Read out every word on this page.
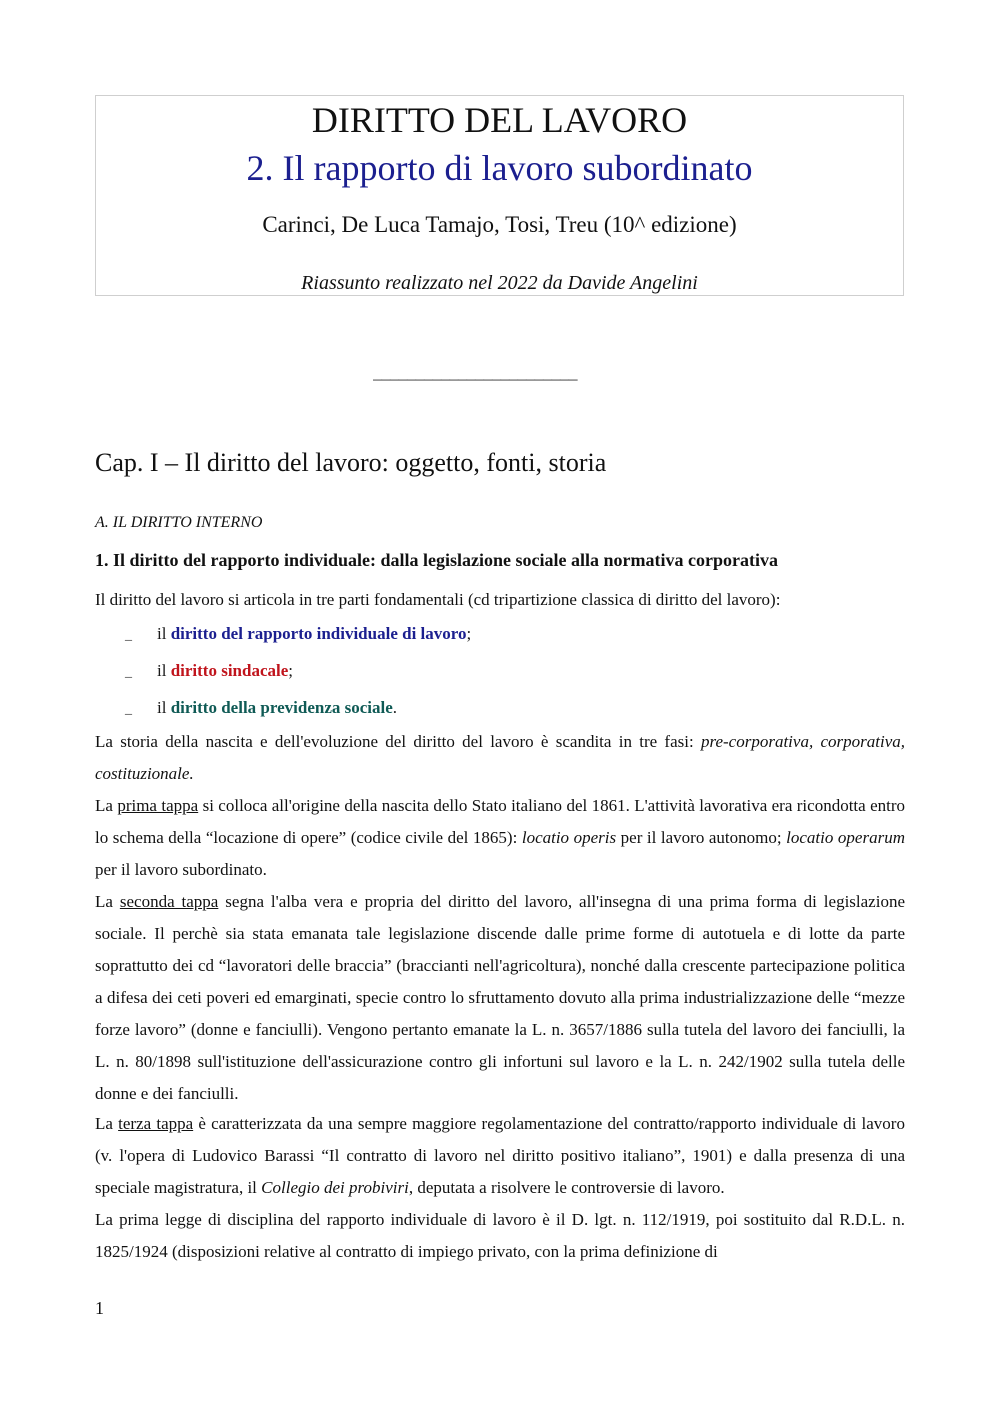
DIRITTO DEL LAVORO
2. Il rapporto di lavoro subordinato
Carinci, De Luca Tamajo, Tosi, Treu (10^ edizione)
Riassunto realizzato nel 2022 da Davide Angelini
________________________
Cap. I – Il diritto del lavoro: oggetto, fonti, storia
A. IL DIRITTO INTERNO
1. Il diritto del rapporto individuale: dalla legislazione sociale alla normativa corporativa
Il diritto del lavoro si articola in tre parti fondamentali (cd tripartizione classica di diritto del lavoro):
_ il diritto del rapporto individuale di lavoro;
_ il diritto sindacale;
_ il diritto della previdenza sociale.
La storia della nascita e dell'evoluzione del diritto del lavoro è scandita in tre fasi: pre-corporativa, corporativa, costituzionale.
La prima tappa si colloca all'origine della nascita dello Stato italiano del 1861. L'attività lavorativa era ricondotta entro lo schema della “locazione di opere” (codice civile del 1865): locatio operis per il lavoro autonomo; locatio operarum per il lavoro subordinato.
La seconda tappa segna l'alba vera e propria del diritto del lavoro, all'insegna di una prima forma di legislazione sociale. Il perchè sia stata emanata tale legislazione discende dalle prime forme di autotuela e di lotte da parte soprattutto dei cd “lavoratori delle braccia” (braccianti nell'agricoltura), nonché dalla crescente partecipazione politica a difesa dei ceti poveri ed emarginati, specie contro lo sfruttamento dovuto alla prima industrializzazione delle “mezze forze lavoro” (donne e fanciulli). Vengono pertanto emanate la L. n. 3657/1886 sulla tutela del lavoro dei fanciulli, la L. n. 80/1898 sull'istituzione dell'assicurazione contro gli infortuni sul lavoro e la L. n. 242/1902 sulla tutela delle donne e dei fanciulli.
La terza tappa è caratterizzata da una sempre maggiore regolamentazione del contratto/rapporto individuale di lavoro (v. l'opera di Ludovico Barassi “Il contratto di lavoro nel diritto positivo italiano”, 1901) e dalla presenza di una speciale magistratura, il Collegio dei probiviri, deputata a risolvere le controversie di lavoro.
La prima legge di disciplina del rapporto individuale di lavoro è il D. lgt. n. 112/1919, poi sostituito dal R.D.L. n. 1825/1924 (disposizioni relative al contratto di impiego privato, con la prima definizione di
1
